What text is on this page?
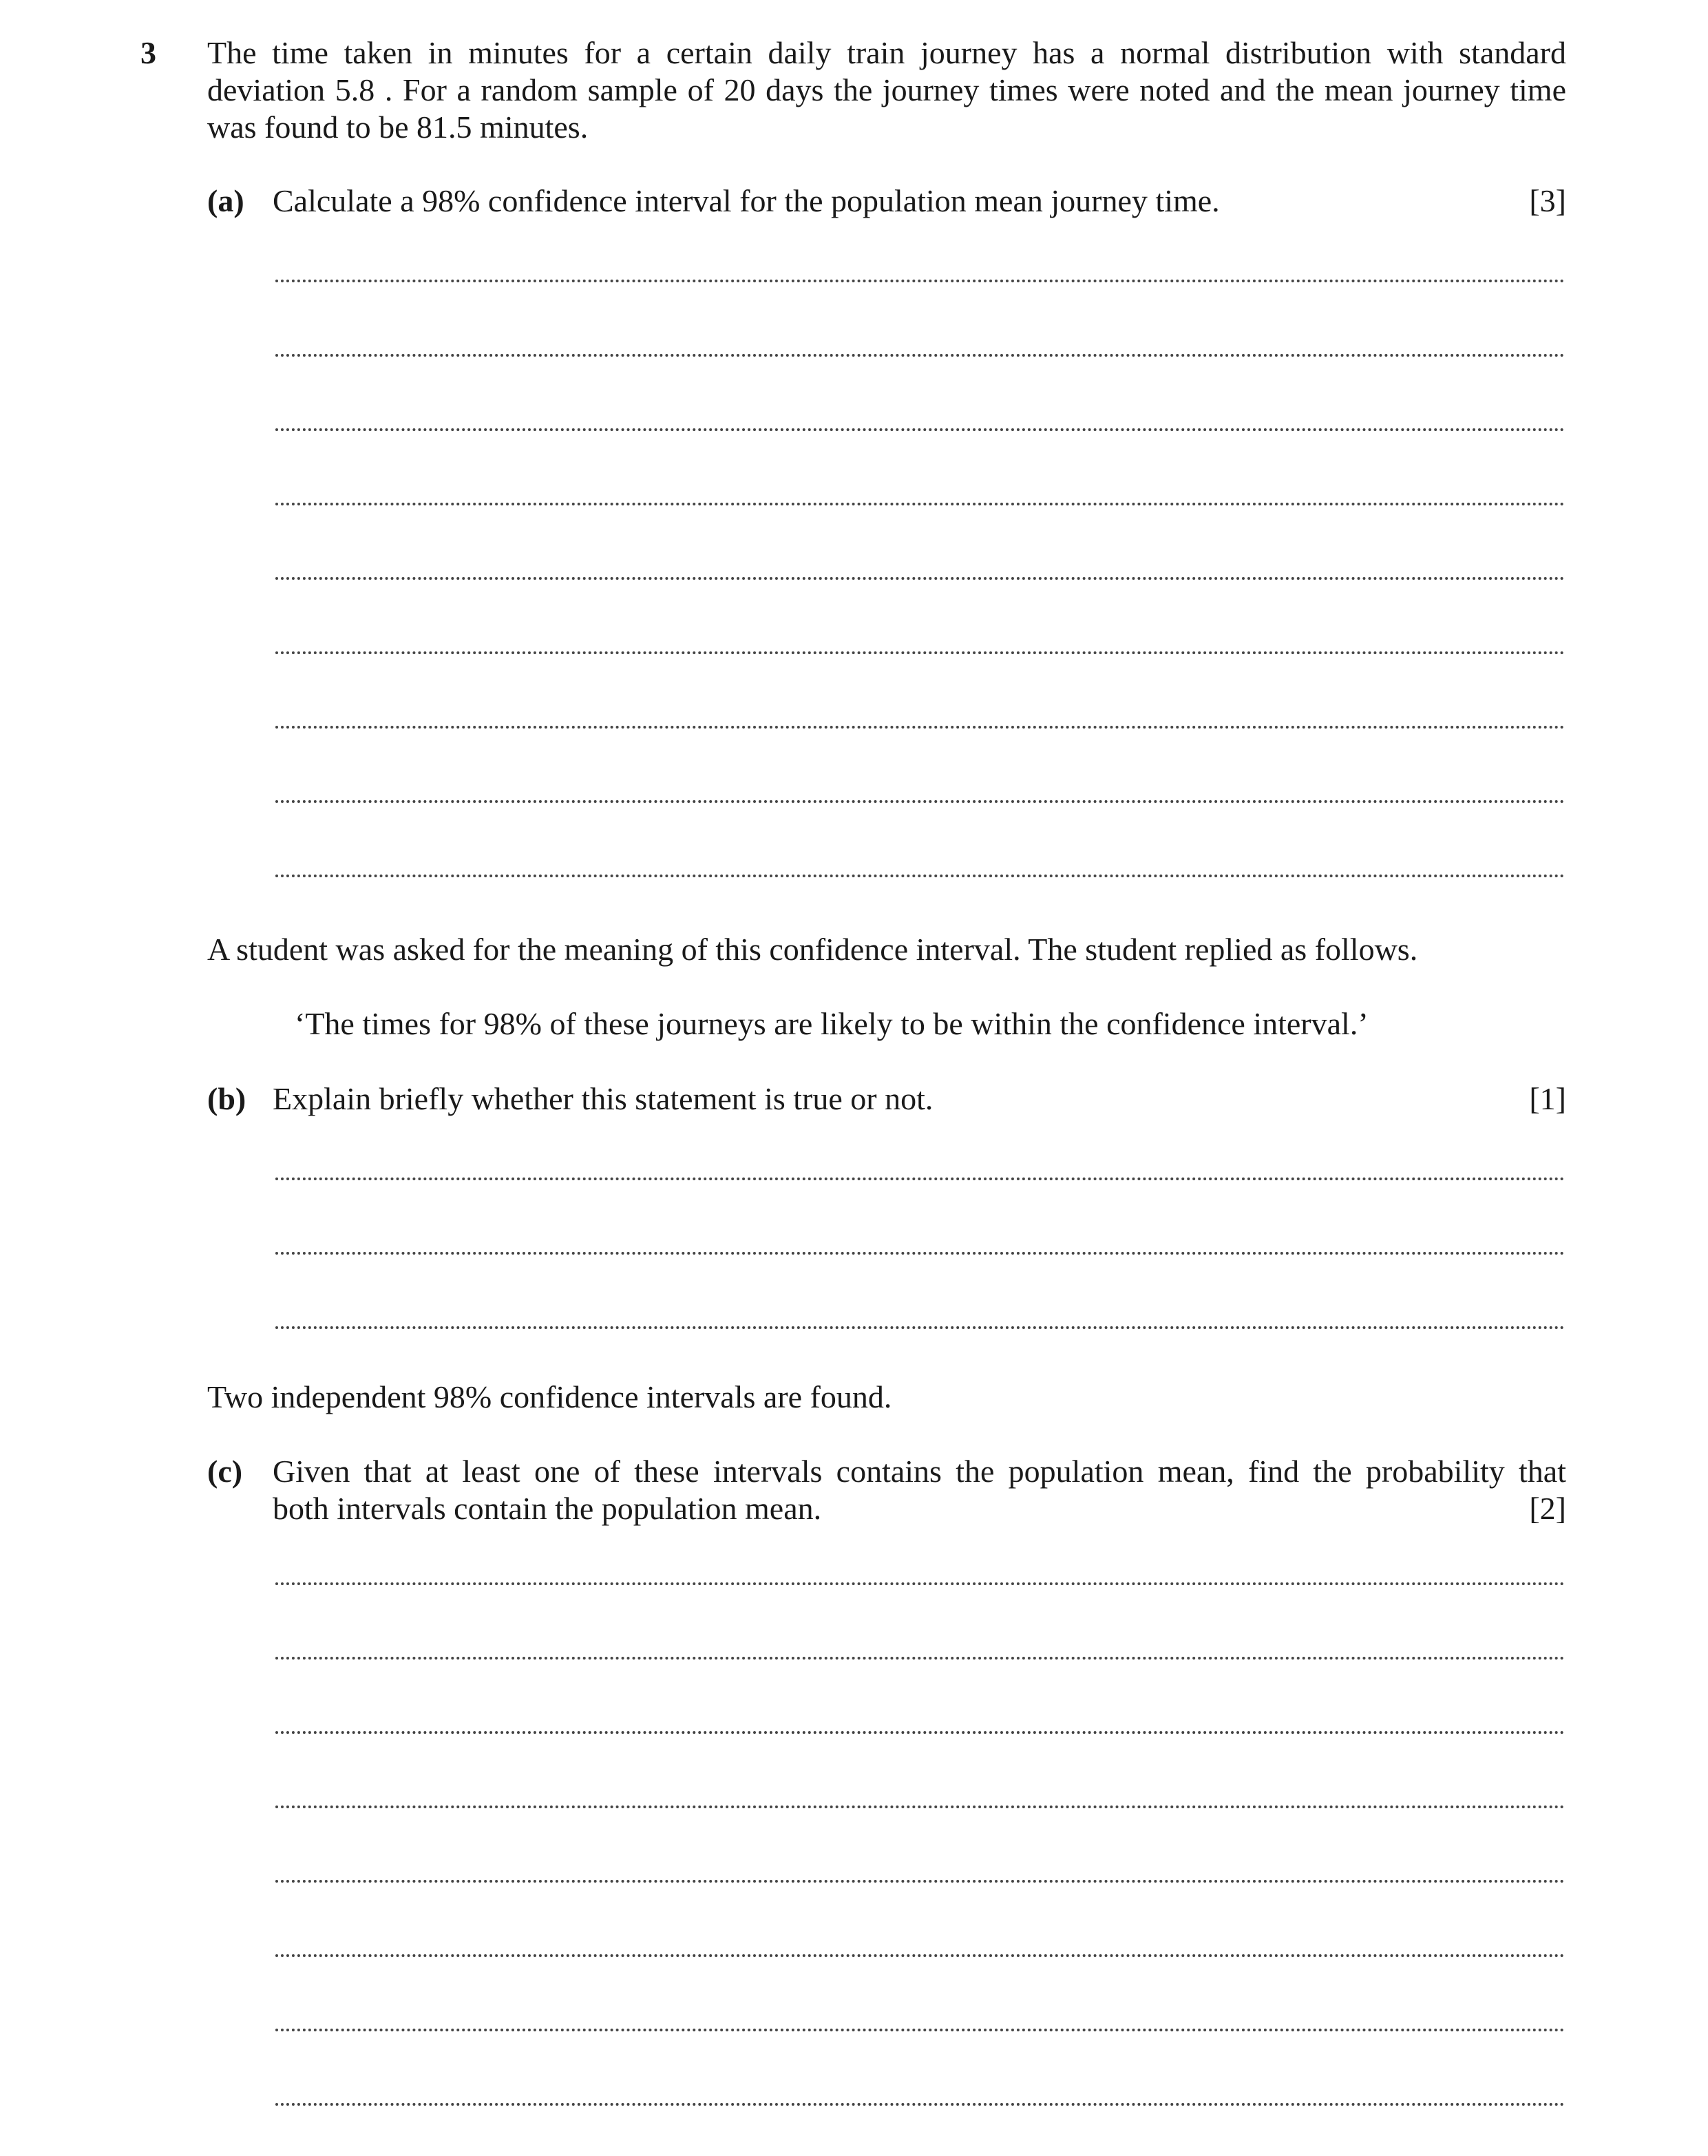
3 The time taken in minutes for a certain daily train journey has a normal distribution with standard
deviation 5.8 . For a random sample of 20 days the journey times were noted and the mean journey time
was found to be 81.5 minutes.
(a) Calculate a 98% confidence interval for the population mean journey time.	[3]
A student was asked for the meaning of this confidence interval. The student replied as follows.
‘The times for 98% of these journeys are likely to be within the confidence interval.’
(b) Explain briefly whether this statement is true or not.	[1]
Two independent 98% confidence intervals are found.
(c) Given that at least one of these intervals contains the population mean, find the probability that
both intervals contain the population mean.	[2]
